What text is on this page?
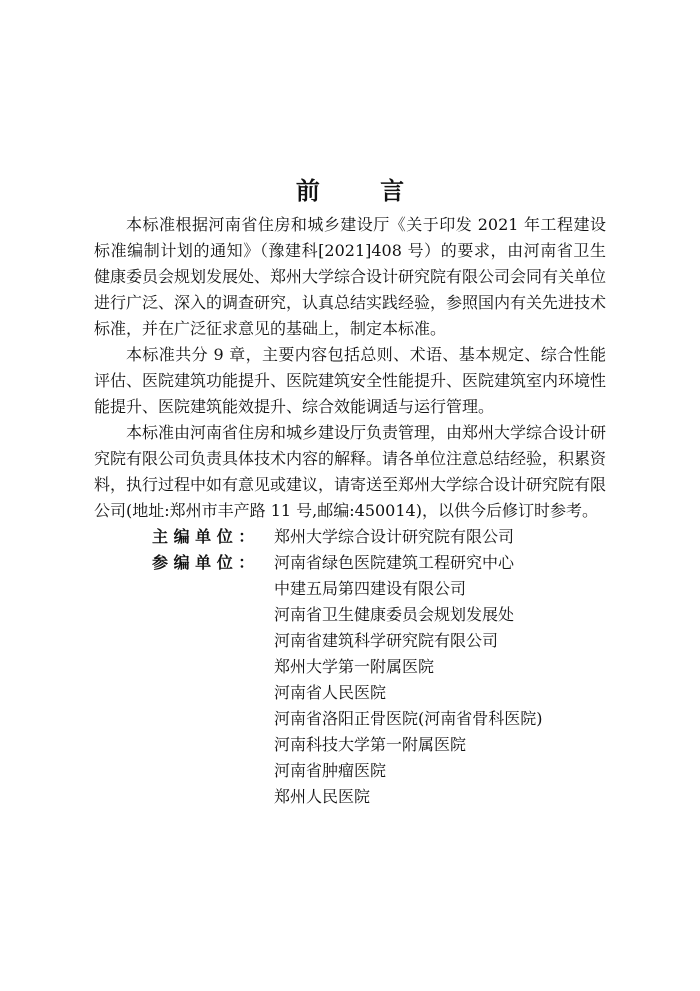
前 言

本标准根据河南省住房和城乡建设厅《关于印发 2021 年工程建设标准编制计划的通知》（豫建科[2021]408 号）的要求，由河南省卫生健康委员会规划发展处、郑州大学综合设计研究院有限公司会同有关单位进行广泛、深入的调查研究，认真总结实践经验，参照国内有关先进技术标准，并在广泛征求意见的基础上，制定本标准。

本标准共分 9 章，主要内容包括总则、术语、基本规定、综合性能评估、医院建筑功能提升、医院建筑安全性能提升、医院建筑室内环境性能提升、医院建筑能效提升、综合效能调适与运行管理。

本标准由河南省住房和城乡建设厅负责管理，由郑州大学综合设计研究院有限公司负责具体技术内容的解释。请各单位注意总结经验，积累资料，执行过程中如有意见或建议，请寄送至郑州大学综合设计研究院有限公司(地址:郑州市丰产路 11 号,邮编:450014)，以供今后修订时参考。

主 编 单 位 ：	郑州大学综合设计研究院有限公司
参 编 单 位 ：	河南省绿色医院建筑工程研究中心
中建五局第四建设有限公司
河南省卫生健康委员会规划发展处
河南省建筑科学研究院有限公司
郑州大学第一附属医院
河南省人民医院
河南省洛阳正骨医院(河南省骨科医院)
河南科技大学第一附属医院
河南省肿瘤医院
郑州人民医院
